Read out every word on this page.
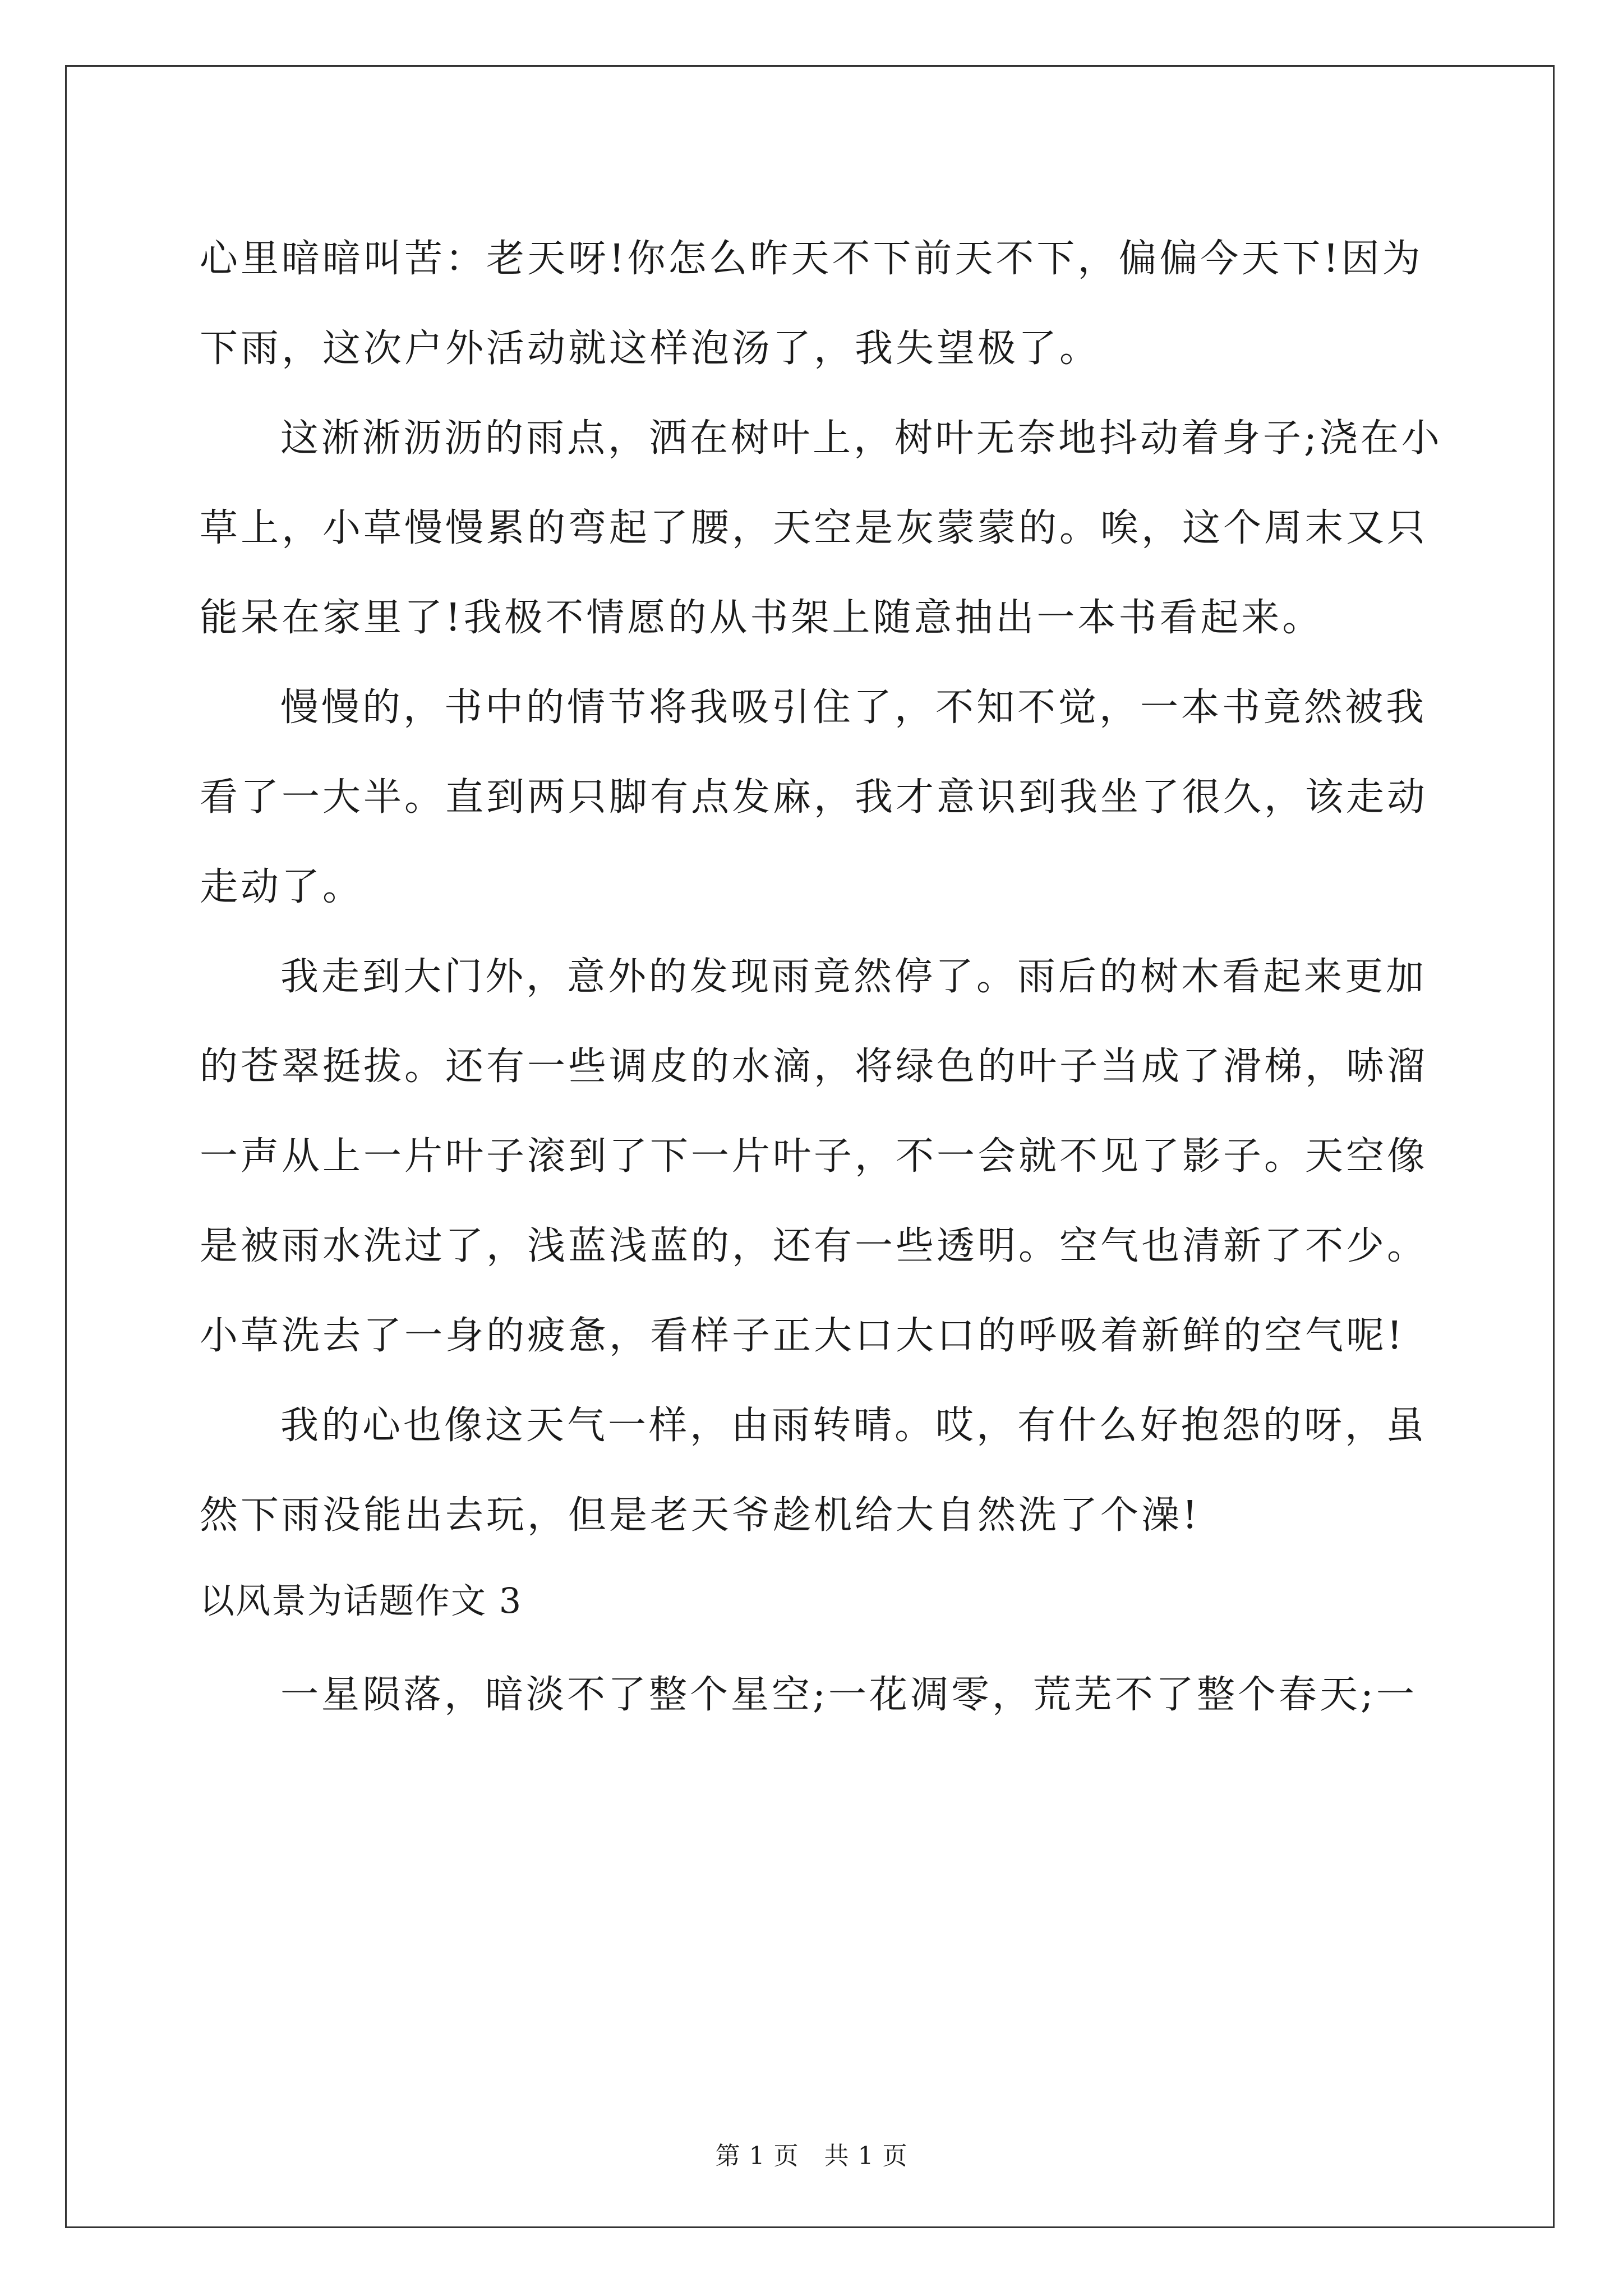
心里暗暗叫苦：老天呀!你怎么昨天不下前天不下，偏偏今天下!因为
下雨，这次户外活动就这样泡汤了，我失望极了。
这淅淅沥沥的雨点，洒在树叶上，树叶无奈地抖动着身子;浇在小
草上，小草慢慢累的弯起了腰，天空是灰蒙蒙的。唉，这个周末又只
能呆在家里了!我极不情愿的从书架上随意抽出一本书看起来。
慢慢的，书中的情节将我吸引住了，不知不觉，一本书竟然被我
看了一大半。直到两只脚有点发麻，我才意识到我坐了很久，该走动
走动了。
我走到大门外，意外的发现雨竟然停了。雨后的树木看起来更加
的苍翠挺拔。还有一些调皮的水滴，将绿色的叶子当成了滑梯，哧溜
一声从上一片叶子滚到了下一片叶子，不一会就不见了影子。天空像
是被雨水洗过了，浅蓝浅蓝的，还有一些透明。空气也清新了不少。
小草洗去了一身的疲惫，看样子正大口大口的呼吸着新鲜的空气呢!
我的心也像这天气一样，由雨转晴。哎，有什么好抱怨的呀，虽
然下雨没能出去玩，但是老天爷趁机给大自然洗了个澡!
以风景为话题作文 3
一星陨落，暗淡不了整个星空;一花凋零，荒芜不了整个春天;一
第 1 页　共 1 页
